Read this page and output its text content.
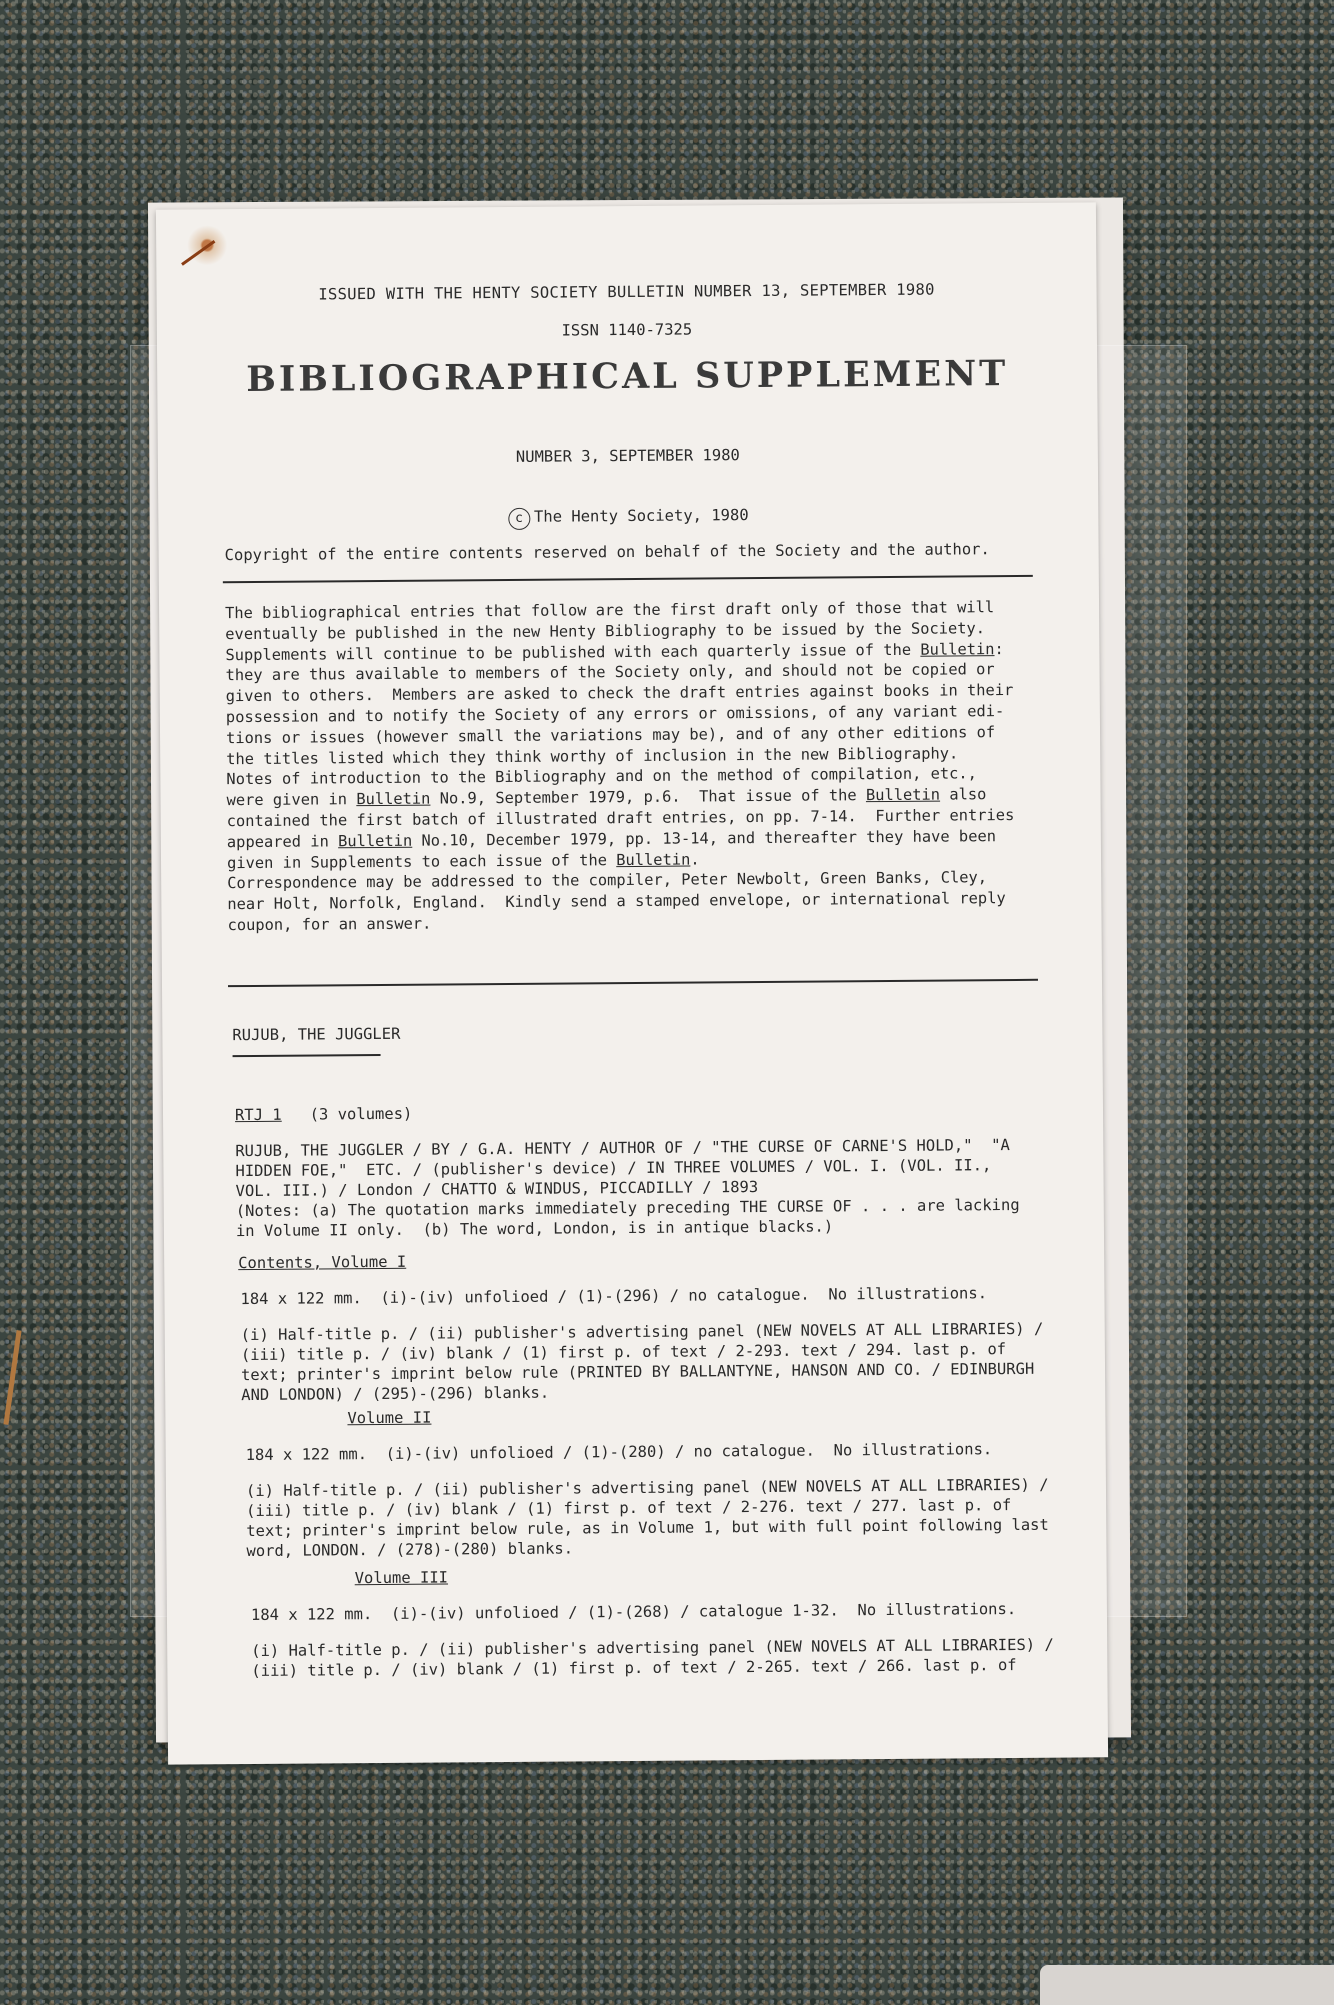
ISSUED WITH THE HENTY SOCIETY BULLETIN NUMBER 13, SEPTEMBER 1980
ISSN 1140-7325
BIBLIOGRAPHICAL SUPPLEMENT
NUMBER 3, SEPTEMBER 1980
c The Henty Society, 1980
Copyright of the entire contents reserved on behalf of the Society and the author.
The bibliographical entries that follow are the first draft only of those that will
eventually be published in the new Henty Bibliography to be issued by the Society.
Supplements will continue to be published with each quarterly issue of the Bulletin:
they are thus available to members of the Society only, and should not be copied or
given to others.  Members are asked to check the draft entries against books in their
possession and to notify the Society of any errors or omissions, of any variant edi-
tions or issues (however small the variations may be), and of any other editions of
the titles listed which they think worthy of inclusion in the new Bibliography.
Notes of introduction to the Bibliography and on the method of compilation, etc.,
were given in Bulletin No.9, September 1979, p.6.  That issue of the Bulletin also
contained the first batch of illustrated draft entries, on pp. 7-14.  Further entries
appeared in Bulletin No.10, December 1979, pp. 13-14, and thereafter they have been
given in Supplements to each issue of the Bulletin.
Correspondence may be addressed to the compiler, Peter Newbolt, Green Banks, Cley,
near Holt, Norfolk, England.  Kindly send a stamped envelope, or international reply
coupon, for an answer.
RUJUB, THE JUGGLER
RTJ 1 (3 volumes)
RUJUB, THE JUGGLER / BY / G.A. HENTY / AUTHOR OF / "THE CURSE OF CARNE'S HOLD,"  "A
HIDDEN FOE,"  ETC. / (publisher's device) / IN THREE VOLUMES / VOL. I. (VOL. II.,
VOL. III.) / London / CHATTO & WINDUS, PICCADILLY / 1893
(Notes: (a) The quotation marks immediately preceding THE CURSE OF . . . are lacking
in Volume II only.  (b) The word, London, is in antique blacks.)
Contents, Volume I
184 x 122 mm.  (i)-(iv) unfolioed / (1)-(296) / no catalogue.  No illustrations.
(i) Half-title p. / (ii) publisher's advertising panel (NEW NOVELS AT ALL LIBRARIES) /
(iii) title p. / (iv) blank / (1) first p. of text / 2-293. text / 294. last p. of
text; printer's imprint below rule (PRINTED BY BALLANTYNE, HANSON AND CO. / EDINBURGH
AND LONDON) / (295)-(296) blanks.
Volume II
184 x 122 mm.  (i)-(iv) unfolioed / (1)-(280) / no catalogue.  No illustrations.
(i) Half-title p. / (ii) publisher's advertising panel (NEW NOVELS AT ALL LIBRARIES) /
(iii) title p. / (iv) blank / (1) first p. of text / 2-276. text / 277. last p. of
text; printer's imprint below rule, as in Volume 1, but with full point following last
word, LONDON. / (278)-(280) blanks.
Volume III
184 x 122 mm.  (i)-(iv) unfolioed / (1)-(268) / catalogue 1-32.  No illustrations.
(i) Half-title p. / (ii) publisher's advertising panel (NEW NOVELS AT ALL LIBRARIES) /
(iii) title p. / (iv) blank / (1) first p. of text / 2-265. text / 266. last p. of
